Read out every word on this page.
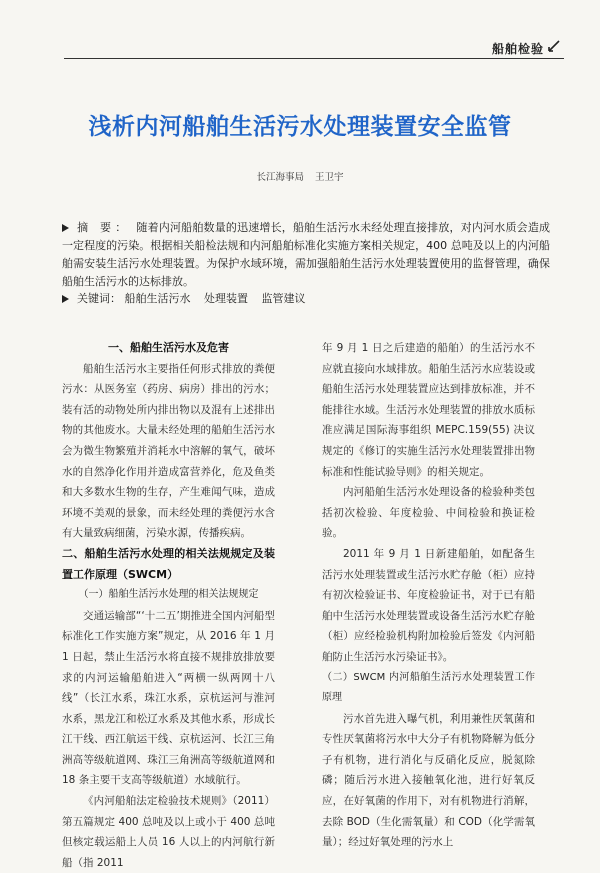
船舶检验
浅析内河船舶生活污水处理装置安全监管
长江海事局 王卫宇
摘 要： 随着内河船舶数量的迅速增长，船舶生活污水未经处理直接排放，对内河水质会造成一定程度的污染。根据相关船检法规和内河船舶标准化实施方案相关规定，400 总吨及以上的内河船舶需安装生活污水处理装置。为保护水域环境，需加强船舶生活污水处理装置使用的监督管理，确保船舶生活污水的达标排放。
关键词： 船舶生活污水 处理装置 监管建议
一、船舶生活污水及危害

船舶生活污水主要指任何形式排放的粪便污水：从医务室（药房、病房）排出的污水；装有活的动物处所内排出物以及混有上述排出物的其他废水。大量未经处理的船舶生活污水会为微生物繁殖并消耗水中溶解的氧气，破坏水的自然净化作用并造成富营养化，危及鱼类和大多数水生物的生存，产生难闻气味，造成环境不美观的景象，而未经处理的粪便污水含有大量致病细菌，污染水源，传播疾病。

二、船舶生活污水处理的相关法规规定及装置工作原理（SWCM）
（一）船舶生活污水处理的相关法规规定

交通运输部“‘十二五’期推进全国内河船型标准化工作实施方案”规定，从 2016 年 1 月 1 日起，禁止生活污水将直接不规排放排放要求的内河运输船舶进入“两横一纵两网十八线”（长江水系，珠江水系，京杭运河与淮河水系，黑龙江和松辽水系及其他水系，形成长江干线、西江航运干线、京杭运河、长江三角洲高等级航道网、珠江三角洲高等级航道网和 18 条主要干支高等级航道）水域航行。

《内河船舶法定检验技术规则》（2011）第五篇规定 400 总吨及以上或小于 400 总吨但核定载运船上人员 16 人以上的内河航行新船（指 2011

年 9 月 1 日之后建造的船舶）的生活污水不应就直接向水域排放。船舶生活污水应装设或船舶生活污水处理装置应达到排放标准，并不能排往水域。生活污水处理装置的排放水质标准应满足国际海事组织 MEPC.159(55) 决议规定的《修订的实施生活污水处理装置排出物标准和性能试验导则》的相关规定。

内河船舶生活污水处理设备的检验种类包括初次检验、年度检验、中间检验和换证检验。

2011 年 9 月 1 日新建船舶，如配备生活污水处理装置或生活污水贮存舱（柜）应持有初次检验证书、年度检验证书，对于已有船舶中生活污水处理装置或设备生活污水贮存舱（柜）应经检验机构附加检验后签发《内河船舶防止生活污水污染证书》。

（二）SWCM 内河船舶生活污水处理装置工作原理

污水首先进入曝气机，利用兼性厌氧菌和专性厌氧菌将污水中大分子有机物降解为低分子有机物，进行消化与反硝化反应，脱氮除磷；随后污水进入接触氧化池，进行好氧反应，在好氧菌的作用下，对有机物进行消解，去除 BOD（生化需氧量）和 COD（化学需氧量）；经过好氧处理的污水上
